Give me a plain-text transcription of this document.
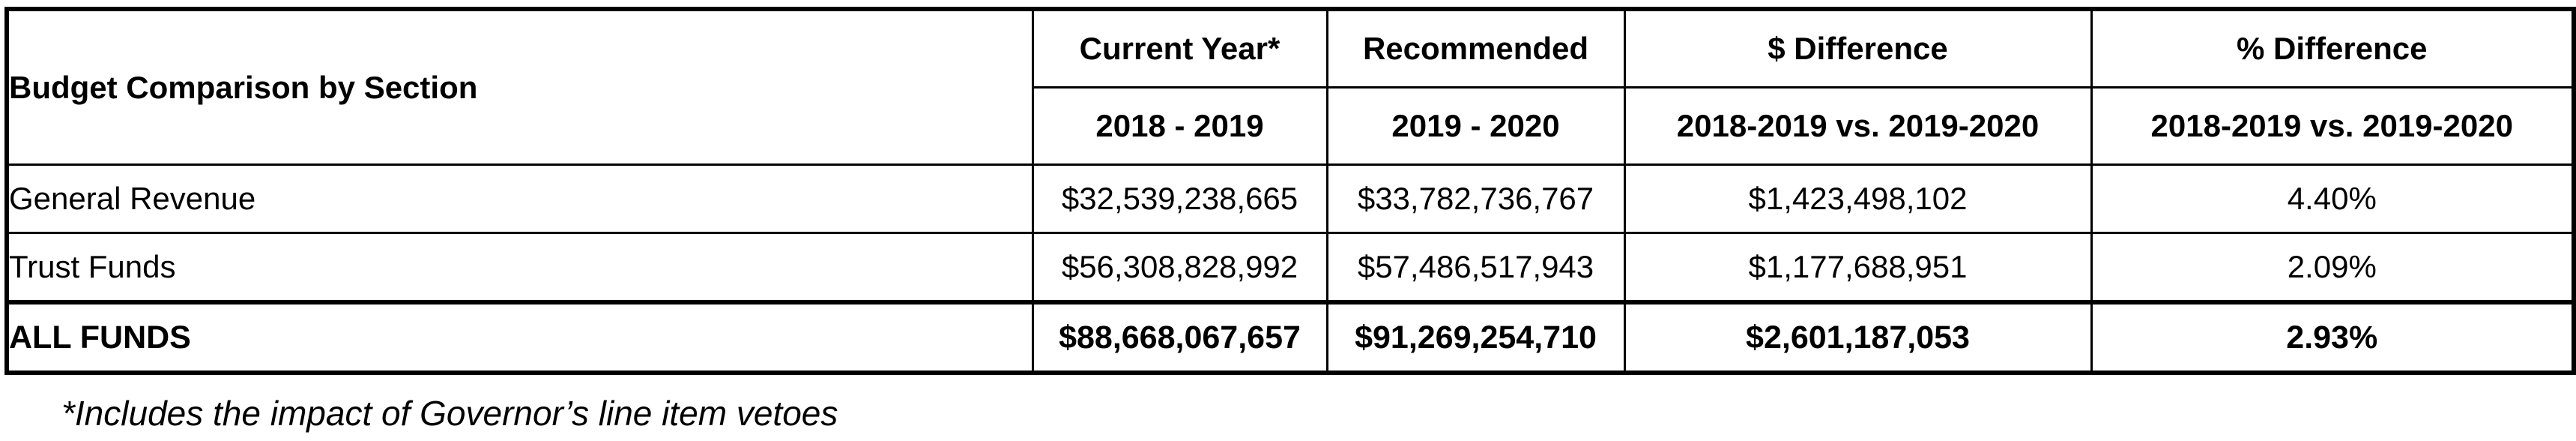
Budget Comparison by Section	Current Year*	Recommended	$ Difference	% Difference
	2018 - 2019	2019 - 2020	2018-2019 vs. 2019-2020	2018-2019 vs. 2019-2020
General Revenue	$32,539,238,665	$33,782,736,767	$1,423,498,102	4.40%
Trust Funds	$56,308,828,992	$57,486,517,943	$1,177,688,951	2.09%
ALL FUNDS	$88,668,067,657	$91,269,254,710	$2,601,187,053	2.93%
*Includes the impact of Governor’s line item vetoes
